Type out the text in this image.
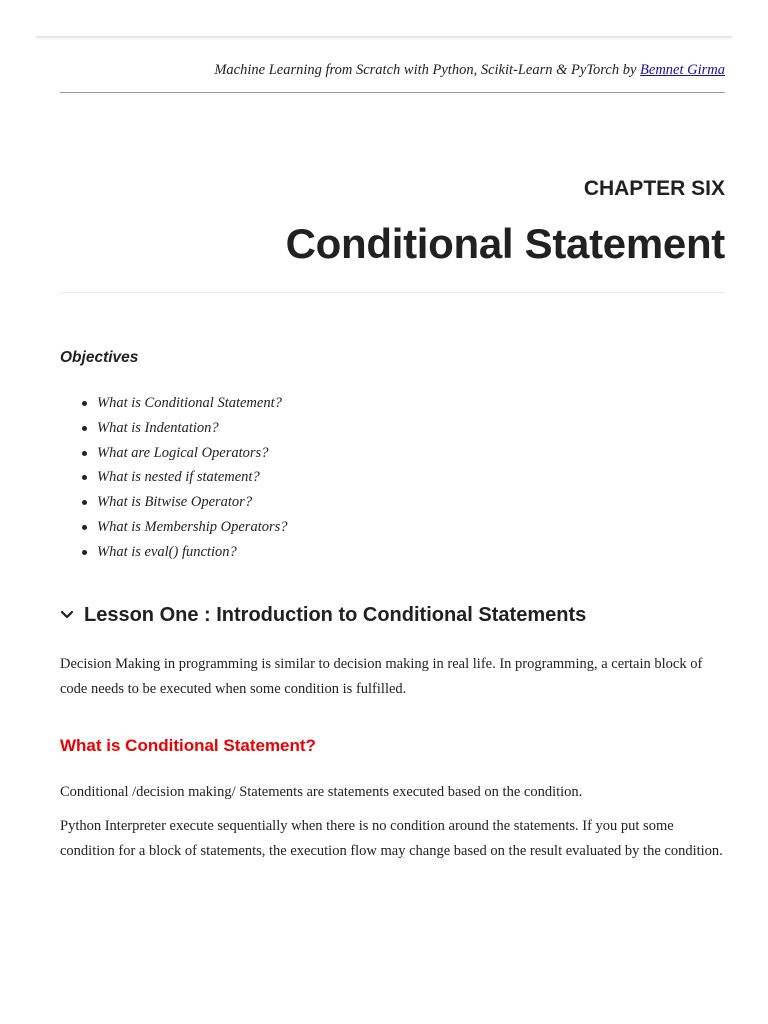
Machine Learning from Scratch with Python, Scikit-Learn & PyTorch by Bemnet Girma
CHAPTER SIX
Conditional Statement
Objectives
What is Conditional Statement?
What is Indentation?
What are Logical Operators?
What is nested if statement?
What is Bitwise Operator?
What is Membership Operators?
What is eval() function?
Lesson One : Introduction to Conditional Statements

Decision Making in programming is similar to decision making in real life. In programming, a certain block of code needs to be executed when some condition is fulfilled.

What is Conditional Statement?

Conditional /decision making/ Statements are statements executed based on the condition.

Python Interpreter execute sequentially when there is no condition around the statements. If you put some condition for a block of statements, the execution flow may change based on the result evaluated by the condition.
